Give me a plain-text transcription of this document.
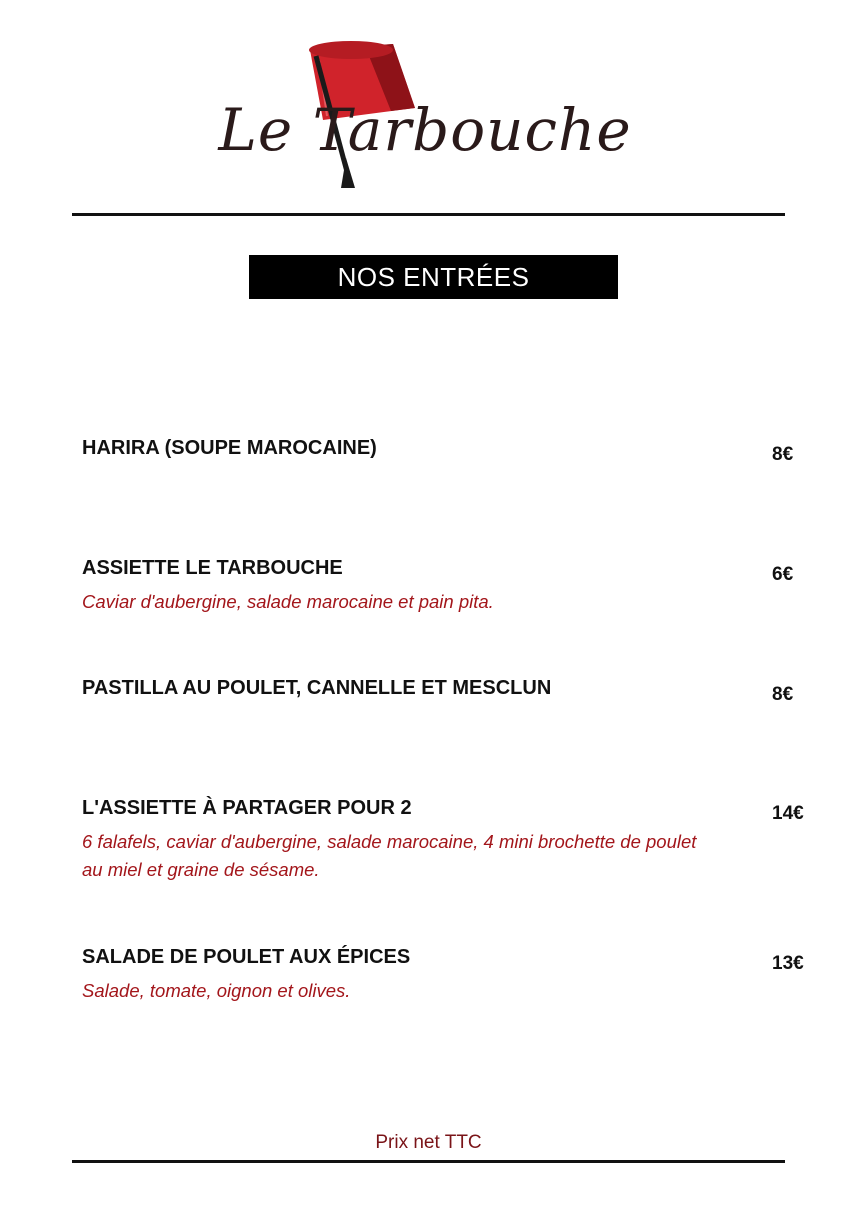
Le Tarbouche
NOS ENTRÉES
HARIRA (SOUPE MAROCAINE)	8€
ASSIETTE LE TARBOUCHE
Caviar d'aubergine, salade marocaine et pain pita.
6€
PASTILLA AU POULET, CANNELLE ET MESCLUN	8€
L'ASSIETTE À PARTAGER POUR 2
6 falafels, caviar d'aubergine, salade marocaine, 4 mini brochette de poulet au miel et graine de sésame.
14€
SALADE DE POULET AUX ÉPICES
Salade, tomate, oignon et olives.
13€
Prix net TTC
